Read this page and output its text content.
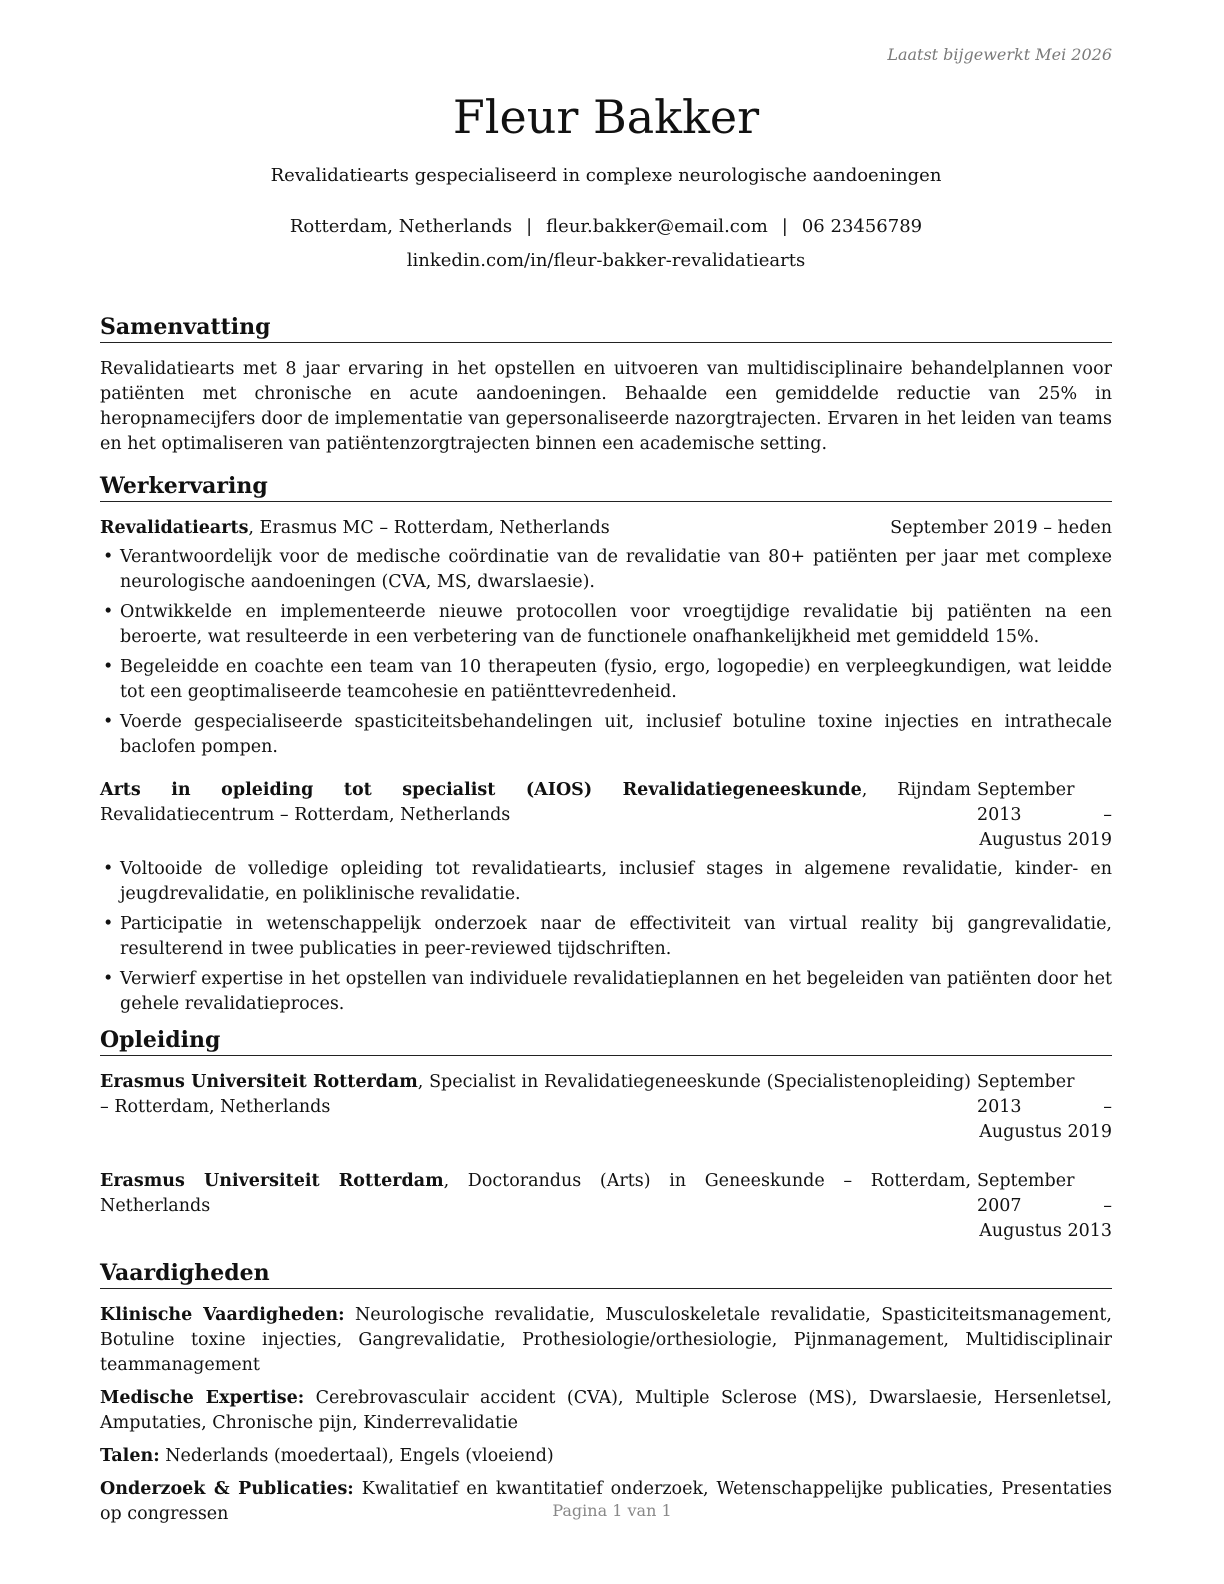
Laatst bijgewerkt Mei 2026
Fleur Bakker
Revalidatiearts gespecialiseerd in complexe neurologische aandoeningen
Rotterdam, Netherlands | fleur.bakker@email.com | 06 23456789
linkedin.com/in/fleur-bakker-revalidatiearts
Samenvatting
Revalidatiearts met 8 jaar ervaring in het opstellen en uitvoeren van multidisciplinaire behandelplannen voor patiënten met chronische en acute aandoeningen. Behaalde een gemiddelde reductie van 25% in heropnamecijfers door de implementatie van gepersonaliseerde nazorgtrajecten. Ervaren in het leiden van teams en het optimaliseren van patiëntenzorgtrajecten binnen een academische setting.
Werkervaring
Revalidatiearts, Erasmus MC – Rotterdam, Netherlands	September 2019 – heden
• Verantwoordelijk voor de medische coördinatie van de revalidatie van 80+ patiënten per jaar met complexe neurologische aandoeningen (CVA, MS, dwarslaesie).
• Ontwikkelde en implementeerde nieuwe protocollen voor vroegtijdige revalidatie bij patiënten na een beroerte, wat resulteerde in een verbetering van de functionele onafhankelijkheid met gemiddeld 15%.
• Begeleidde en coachte een team van 10 therapeuten (fysio, ergo, logopedie) en verpleegkundigen, wat leidde tot een geoptimaliseerde teamcohesie en patiënttevredenheid.
• Voerde gespecialiseerde spasticiteitsbehandelingen uit, inclusief botuline toxine injecties en intrathecale baclofen pompen.
Arts in opleiding tot specialist (AIOS) Revalidatiegeneeskunde, Rijndam Revalidatiecentrum – Rotterdam, Netherlands
September 2013 – Augustus 2019
• Voltooide de volledige opleiding tot revalidatiearts, inclusief stages in algemene revalidatie, kinder- en jeugdrevalidatie, en poliklinische revalidatie.
• Participatie in wetenschappelijk onderzoek naar de effectiviteit van virtual reality bij gangrevalidatie, resulterend in twee publicaties in peer-reviewed tijdschriften.
• Verwierf expertise in het opstellen van individuele revalidatieplannen en het begeleiden van patiënten door het gehele revalidatieproces.
Opleiding
Erasmus Universiteit Rotterdam, Specialist in Revalidatiegeneeskunde (Specialistenopleiding) – Rotterdam, Netherlands
September 2013 – Augustus 2019
Erasmus Universiteit Rotterdam, Doctorandus (Arts) in Geneeskunde – Rotterdam, Netherlands
September 2007 – Augustus 2013
Vaardigheden
Klinische Vaardigheden: Neurologische revalidatie, Musculoskeletale revalidatie, Spasticiteitsmanagement, Botuline toxine injecties, Gangrevalidatie, Prothesiologie/orthesiologie, Pijnmanagement, Multidisciplinair teammanagement
Medische Expertise: Cerebrovasculair accident (CVA), Multiple Sclerose (MS), Dwarslaesie, Hersenletsel, Amputaties, Chronische pijn, Kinderrevalidatie
Talen: Nederlands (moedertaal), Engels (vloeiend)
Onderzoek & Publicaties: Kwalitatief en kwantitatief onderzoek, Wetenschappelijke publicaties, Presentaties op congressen	Pagina 1 van 1
